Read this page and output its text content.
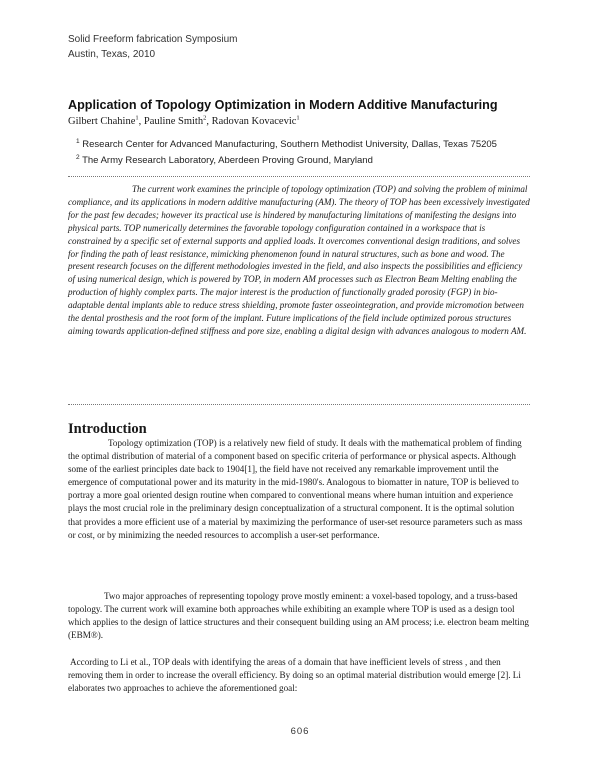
Solid Freeform fabrication Symposium
Austin, Texas, 2010
Application of Topology Optimization in Modern Additive Manufacturing
Gilbert Chahine$^1$, Pauline Smith$^2$, Radovan Kovacevic$^1$
$^1$ Research Center for Advanced Manufacturing, Southern Methodist University, Dallas, Texas 75205
$^2$ The Army Research Laboratory, Aberdeen Proving Ground, Maryland

The current work examines the principle of topology optimization (TOP) and solving the problem of minimal compliance, and its applications in modern additive manufacturing (AM). The theory of TOP has been excessively investigated for the past few decades; however its practical use is hindered by manufacturing limitations of manifesting the designs into physical parts. TOP numerically determines the favorable topology configuration contained in a workspace that is constrained by a specific set of external supports and applied loads. It overcomes conventional design traditions, and solves for finding the path of least resistance, mimicking phenomenon found in natural structures, such as bone and wood. The present research focuses on the different methodologies invested in the field, and also inspects the possibilities and efficiency of using numerical design, which is powered by TOP, in modern AM processes such as Electron Beam Melting enabling the production of highly complex parts. The major interest is the production of functionally graded porosity (FGP) in bio-adaptable dental implants able to reduce stress shielding, promote faster osseointegration, and provide micromotion between the dental prosthesis and the root form of the implant. Future implications of the field include optimized porous structures aiming towards application-defined stiffness and pore size, enabling a digital design with advances analogous to modern AM.

Introduction

Topology optimization (TOP) is a relatively new field of study. It deals with the mathematical problem of finding the optimal distribution of material of a component based on specific criteria of performance or physical aspects. Although some of the earliest principles date back to 1904[1], the field have not received any remarkable improvement until the emergence of computational power and its maturity in the mid-1980's. Analogous to biomatter in nature, TOP is believed to portray a more goal oriented design routine when compared to conventional means where human intuition and experience plays the most crucial role in the preliminary design conceptualization of a structural component. It is the optimal solution that provides a more efficient use of a material by maximizing the performance of user-set resource parameters such as mass or cost, or by minimizing the needed resources to accomplish a user-set performance.

Two major approaches of representing topology prove mostly eminent: a voxel-based topology, and a truss-based topology. The current work will examine both approaches while exhibiting an example where TOP is used as a design tool which applies to the design of lattice structures and their consequent building using an AM process; i.e. electron beam melting (EBM®).

According to Li et al., TOP deals with identifying the areas of a domain that have inefficient levels of stress , and then removing them in order to increase the overall efficiency. By doing so an optimal material distribution would emerge [2]. Li elaborates two approaches to achieve the aforementioned goal:

606
